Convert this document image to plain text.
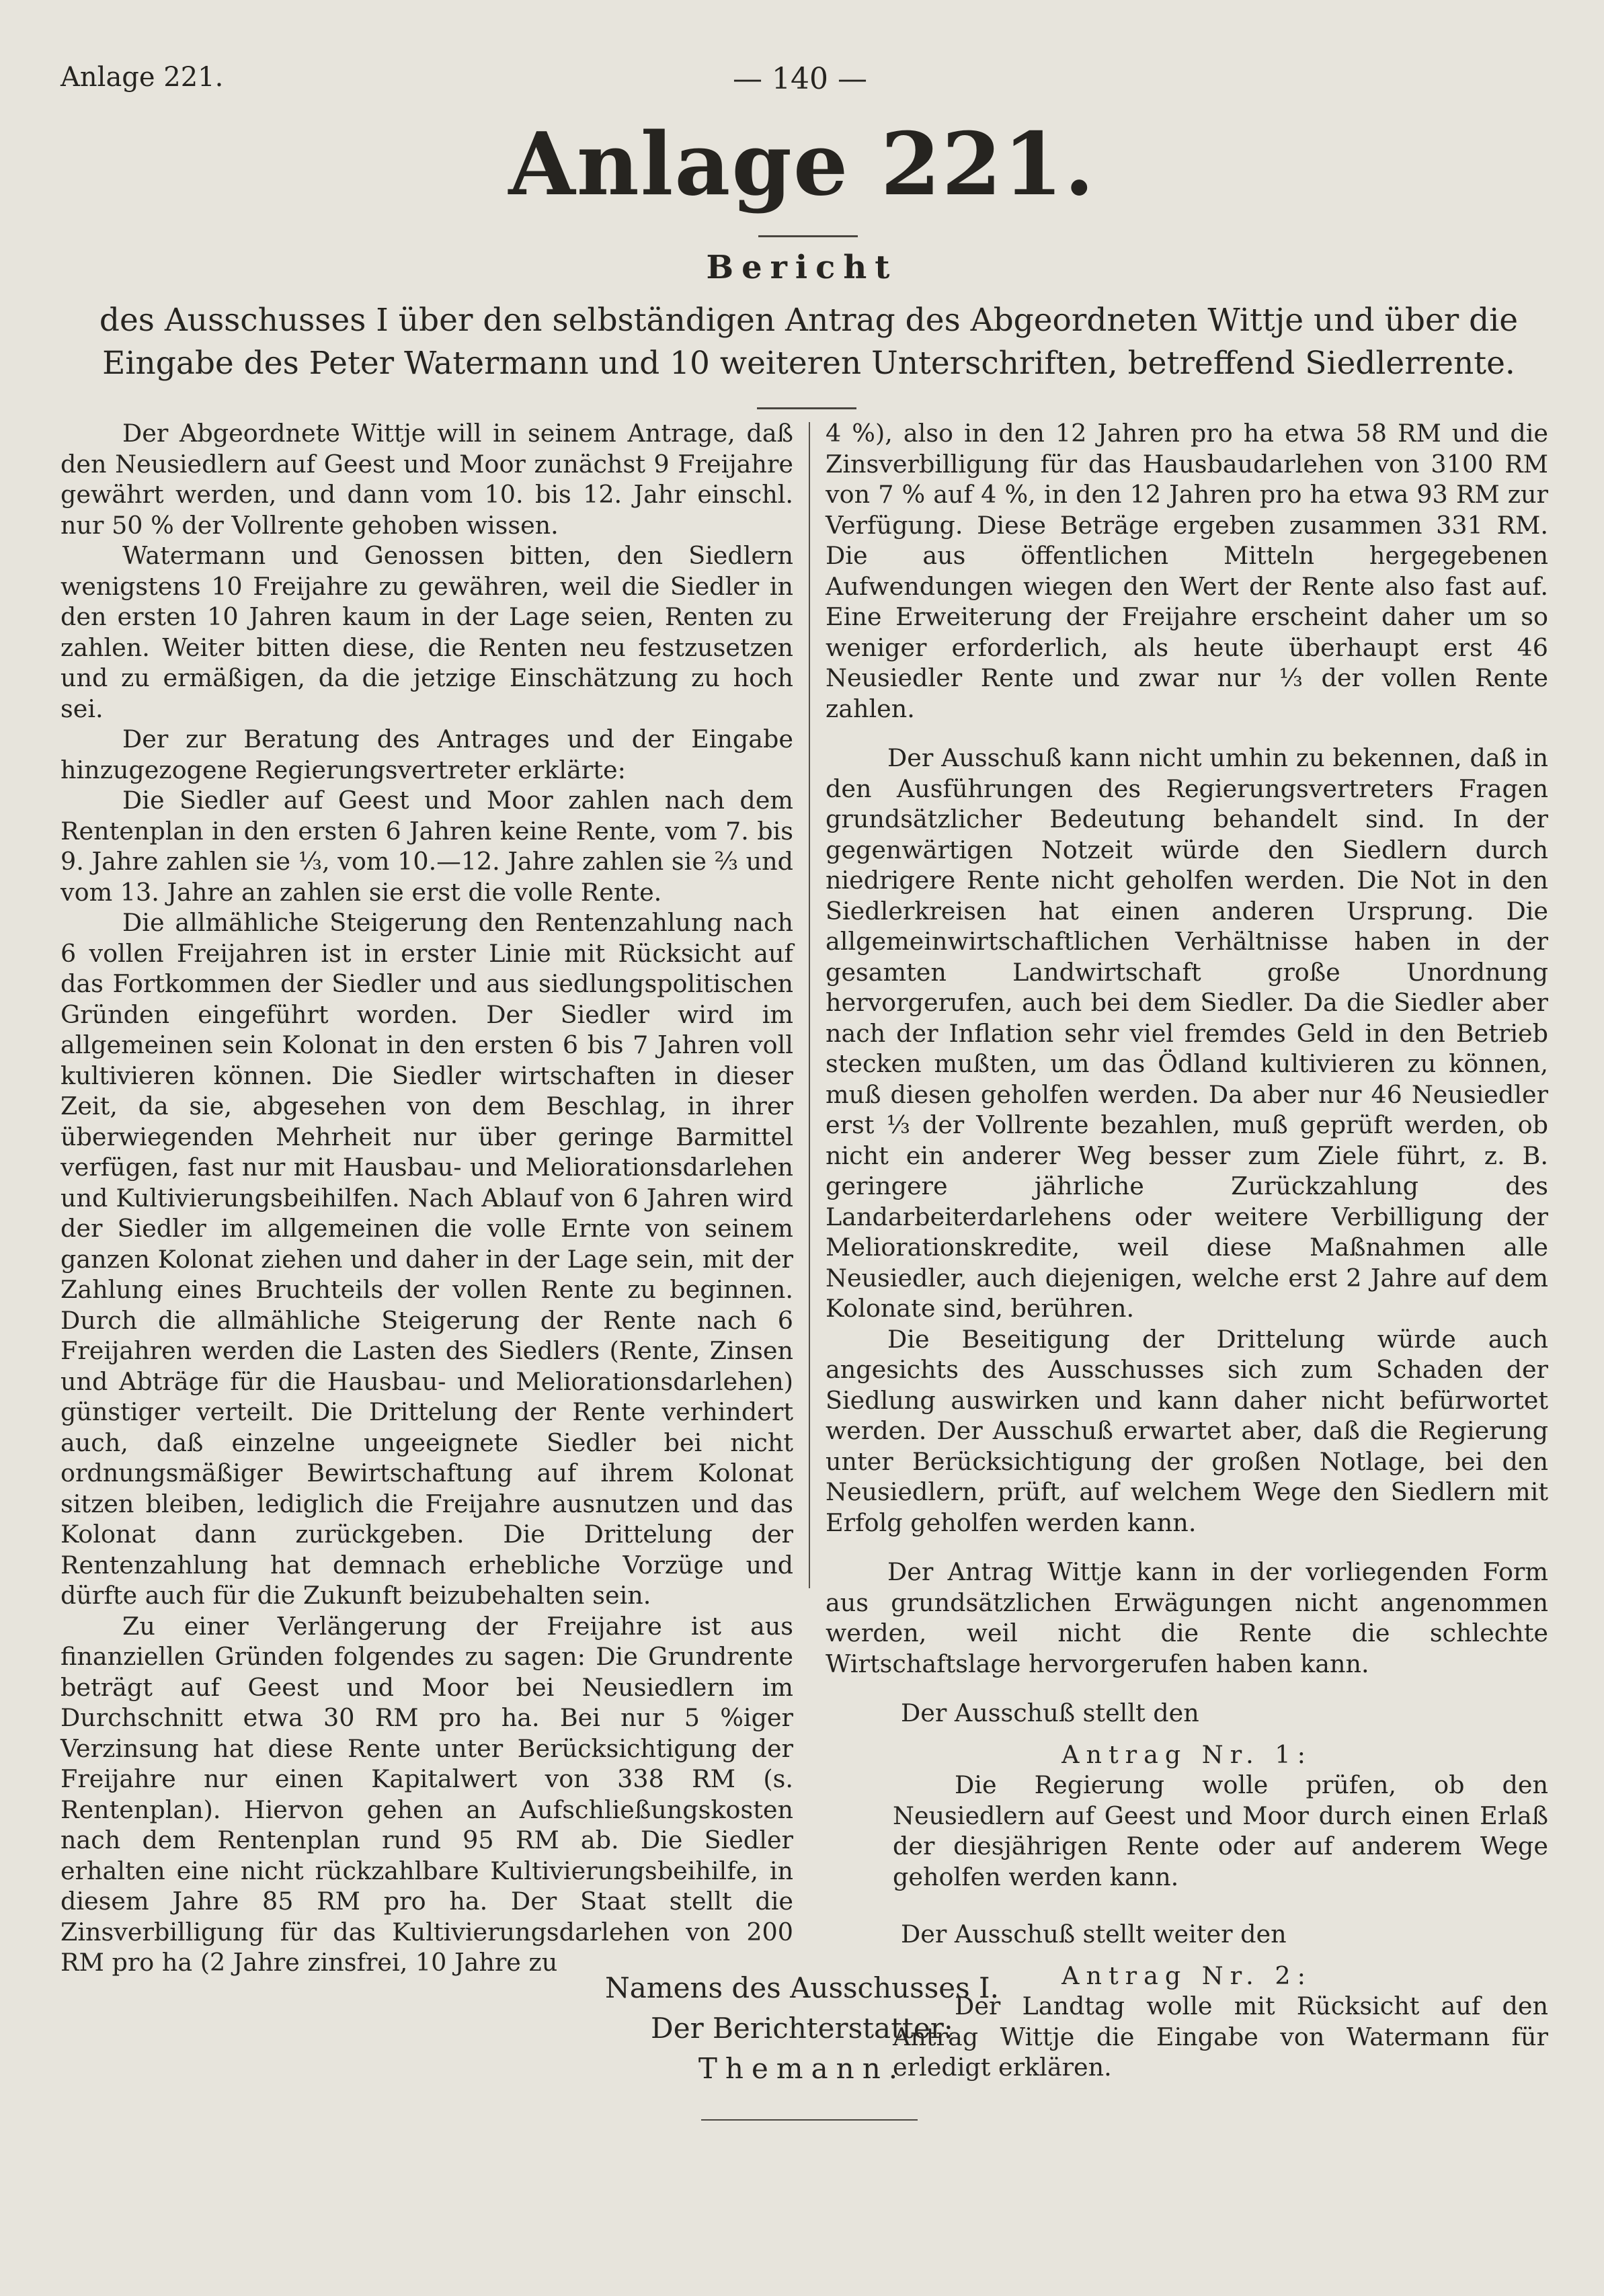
Anlage 221.	— 140 —
Anlage 221.
Bericht
des Ausschusses I über den selbständigen Antrag des Abgeordneten Wittje und über die Eingabe des Peter Watermann und 10 weiteren Unterschriften, betreffend Siedlerrente.

Der Abgeordnete Wittje will in seinem Antrage, daß den Neusiedlern auf Geest und Moor zunächst 9 Freijahre gewährt werden, und dann vom 10. bis 12. Jahr einschl. nur 50 % der Vollrente gehoben wissen.

Watermann und Genossen bitten, den Siedlern wenigstens 10 Freijahre zu gewähren, weil die Siedler in den ersten 10 Jahren kaum in der Lage seien, Renten zu zahlen. Weiter bitten diese, die Renten neu festzusetzen und zu ermäßigen, da die jetzige Einschätzung zu hoch sei.

Der zur Beratung des Antrages und der Eingabe hinzugezogene Regierungsvertreter erklärte:

Die Siedler auf Geest und Moor zahlen nach dem Rentenplan in den ersten 6 Jahren keine Rente, vom 7. bis 9. Jahre zahlen sie ⅓, vom 10.—12. Jahre zahlen sie ⅔ und vom 13. Jahre an zahlen sie erst die volle Rente.

Die allmähliche Steigerung den Rentenzahlung nach 6 vollen Freijahren ist in erster Linie mit Rücksicht auf das Fortkommen der Siedler und aus siedlungspolitischen Gründen eingeführt worden. Der Siedler wird im allgemeinen sein Kolonat in den ersten 6 bis 7 Jahren voll kultivieren können. Die Siedler wirtschaften in dieser Zeit, da sie, abgesehen von dem Beschlag, in ihrer überwiegenden Mehrheit nur über geringe Barmittel verfügen, fast nur mit Hausbau- und Meliorationsdarlehen und Kultivierungsbeihilfen. Nach Ablauf von 6 Jahren wird der Siedler im allgemeinen die volle Ernte von seinem ganzen Kolonat ziehen und daher in der Lage sein, mit der Zahlung eines Bruchteils der vollen Rente zu beginnen. Durch die allmähliche Steigerung der Rente nach 6 Freijahren werden die Lasten des Siedlers (Rente, Zinsen und Abträge für die Hausbau- und Meliorationsdarlehen) günstiger verteilt. Die Drittelung der Rente verhindert auch, daß einzelne ungeeignete Siedler bei nicht ordnungsmäßiger Bewirtschaftung auf ihrem Kolonat sitzen bleiben, lediglich die Freijahre ausnutzen und das Kolonat dann zurückgeben. Die Drittelung der Rentenzahlung hat demnach erhebliche Vorzüge und dürfte auch für die Zukunft beizubehalten sein.

Zu einer Verlängerung der Freijahre ist aus finanziellen Gründen folgendes zu sagen: Die Grundrente beträgt auf Geest und Moor bei Neusiedlern im Durchschnitt etwa 30 RM pro ha. Bei nur 5 %iger Verzinsung hat diese Rente unter Berücksichtigung der Freijahre nur einen Kapitalwert von 338 RM (s. Rentenplan). Hiervon gehen an Aufschließungskosten nach dem Rentenplan rund 95 RM ab. Die Siedler erhalten eine nicht rückzahlbare Kultivierungsbeihilfe, in diesem Jahre 85 RM pro ha. Der Staat stellt die Zinsverbilligung für das Kultivierungsdarlehen von 200 RM pro ha (2 Jahre zinsfrei, 10 Jahre zu

4 %), also in den 12 Jahren pro ha etwa 58 RM und die Zinsverbilligung für das Hausbaudarlehen von 3100 RM von 7 % auf 4 %, in den 12 Jahren pro ha etwa 93 RM zur Verfügung. Diese Beträge ergeben zusammen 331 RM. Die aus öffentlichen Mitteln hergegebenen Aufwendungen wiegen den Wert der Rente also fast auf. Eine Erweiterung der Freijahre erscheint daher um so weniger erforderlich, als heute überhaupt erst 46 Neusiedler Rente und zwar nur ⅓ der vollen Rente zahlen.

Der Ausschuß kann nicht umhin zu bekennen, daß in den Ausführungen des Regierungsvertreters Fragen grundsätzlicher Bedeutung behandelt sind. In der gegenwärtigen Notzeit würde den Siedlern durch niedrigere Rente nicht geholfen werden. Die Not in den Siedlerkreisen hat einen anderen Ursprung. Die allgemeinwirtschaftlichen Verhältnisse haben in der gesamten Landwirtschaft große Unordnung hervorgerufen, auch bei dem Siedler. Da die Siedler aber nach der Inflation sehr viel fremdes Geld in den Betrieb stecken mußten, um das Ödland kultivieren zu können, muß diesen geholfen werden. Da aber nur 46 Neusiedler erst ⅓ der Vollrente bezahlen, muß geprüft werden, ob nicht ein anderer Weg besser zum Ziele führt, z. B. geringere jährliche Zurückzahlung des Landarbeiterdarlehens oder weitere Verbilligung der Meliorationskredite, weil diese Maßnahmen alle Neusiedler, auch diejenigen, welche erst 2 Jahre auf dem Kolonate sind, berühren.

Die Beseitigung der Drittelung würde auch angesichts des Ausschusses sich zum Schaden der Siedlung auswirken und kann daher nicht befürwortet werden. Der Ausschuß erwartet aber, daß die Regierung unter Berücksichtigung der großen Notlage, bei den Neusiedlern, prüft, auf welchem Wege den Siedlern mit Erfolg geholfen werden kann.

Der Antrag Wittje kann in der vorliegenden Form aus grundsätzlichen Erwägungen nicht angenommen werden, weil nicht die Rente die schlechte Wirtschaftslage hervorgerufen haben kann.

Der Ausschuß stellt den

Antrag Nr. 1:

Die Regierung wolle prüfen, ob den Neusiedlern auf Geest und Moor durch einen Erlaß der diesjährigen Rente oder auf anderem Wege geholfen werden kann.

Der Ausschuß stellt weiter den

Antrag Nr. 2:

Der Landtag wolle mit Rücksicht auf den Antrag Wittje die Eingabe von Watermann für erledigt erklären.

Namens des Ausschusses I.
Der Berichterstatter:
Themann.
